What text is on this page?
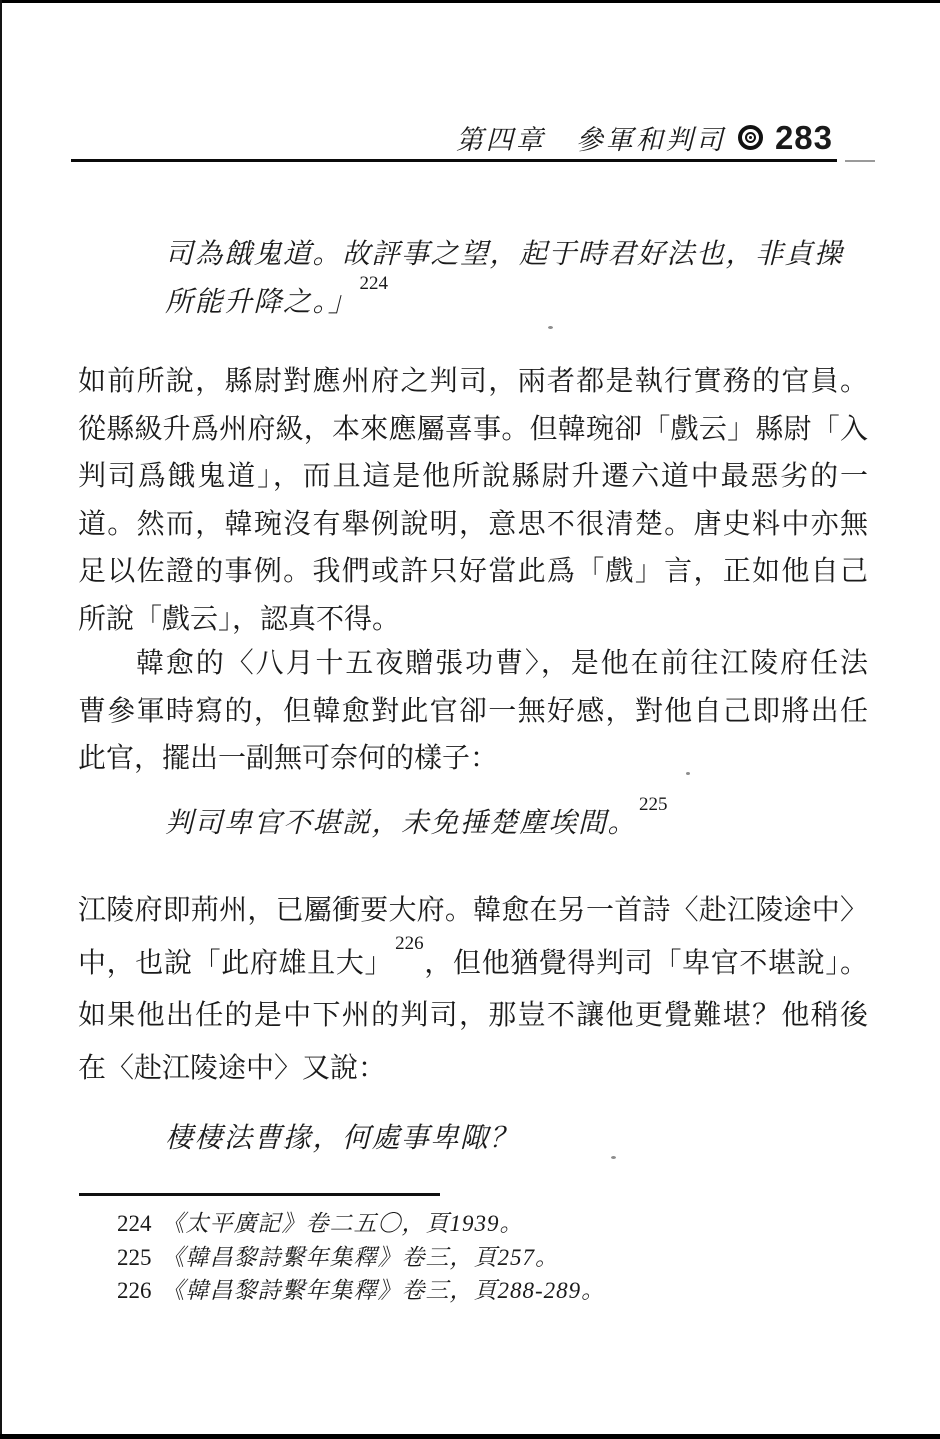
第四章　參軍和判司 283
司為餓鬼道。故評事之望，起于時君好法也，非貞操
所能升降之。」$^{224}$
如前所說，縣尉對應州府之判司，兩者都是執行實務的官員。
從縣級升爲州府級，本來應屬喜事。但韓琬卻「戲云」縣尉「入
判司爲餓鬼道」，而且這是他所說縣尉升遷六道中最惡劣的一
道。然而，韓琬沒有舉例說明，意思不很清楚。唐史料中亦無
足以佐證的事例。我們或許只好當此爲「戲」言，正如他自己
所說「戲云」，認真不得。
韓愈的〈八月十五夜贈張功曹〉，是他在前往江陵府任法
曹參軍時寫的，但韓愈對此官卻一無好感，對他自己即將出任
此官，擺出一副無可奈何的樣子：
判司卑官不堪説，未免捶楚塵埃間。$^{225}$
江陵府即荊州，已屬衝要大府。韓愈在另一首詩〈赴江陵途中〉
中，也說「此府雄且大」$^{226}$，但他猶覺得判司「卑官不堪說」。
如果他出任的是中下州的判司，那豈不讓他更覺難堪？他稍後
在〈赴江陵途中〉又說：
棲棲法曹掾，何處事卑陬？
224 《太平廣記》卷二五〇，頁1939。
225 《韓昌黎詩繫年集釋》卷三，頁257。
226 《韓昌黎詩繫年集釋》卷三，頁288-289。
